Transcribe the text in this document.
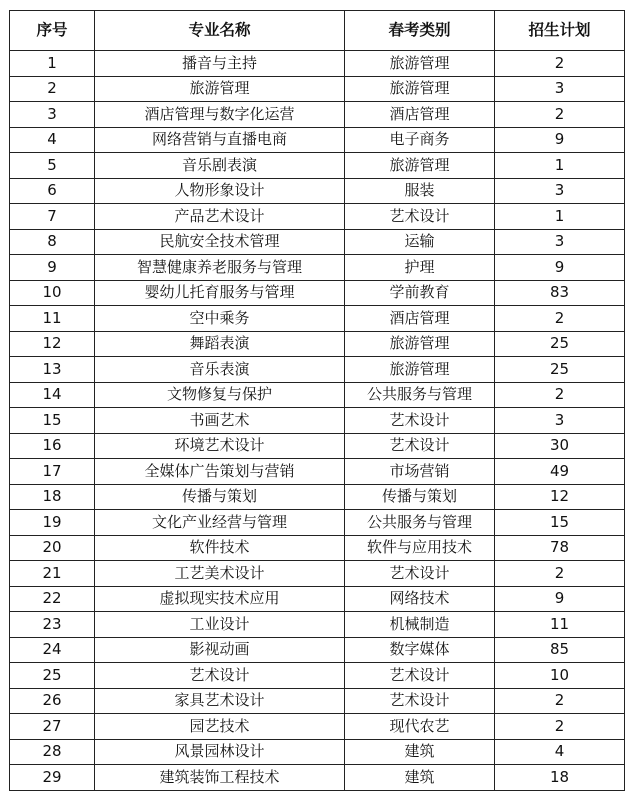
序号	专业名称	春考类别	招生计划
1	播音与主持	旅游管理	2
2	旅游管理	旅游管理	3
3	酒店管理与数字化运营	酒店管理	2
4	网络营销与直播电商	电子商务	9
5	音乐剧表演	旅游管理	1
6	人物形象设计	服装	3
7	产品艺术设计	艺术设计	1
8	民航安全技术管理	运输	3
9	智慧健康养老服务与管理	护理	9
10	婴幼儿托育服务与管理	学前教育	83
11	空中乘务	酒店管理	2
12	舞蹈表演	旅游管理	25
13	音乐表演	旅游管理	25
14	文物修复与保护	公共服务与管理	2
15	书画艺术	艺术设计	3
16	环境艺术设计	艺术设计	30
17	全媒体广告策划与营销	市场营销	49
18	传播与策划	传播与策划	12
19	文化产业经营与管理	公共服务与管理	15
20	软件技术	软件与应用技术	78
21	工艺美术设计	艺术设计	2
22	虚拟现实技术应用	网络技术	9
23	工业设计	机械制造	11
24	影视动画	数字媒体	85
25	艺术设计	艺术设计	10
26	家具艺术设计	艺术设计	2
27	园艺技术	现代农艺	2
28	风景园林设计	建筑	4
29	建筑装饰工程技术	建筑	18
